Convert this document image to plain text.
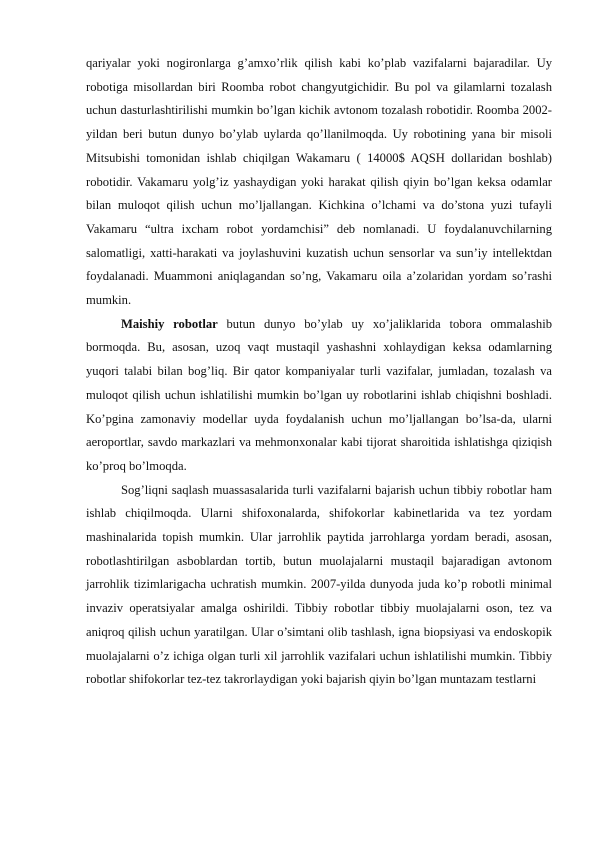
qariyalar yoki nogironlarga g’amxo’rlik qilish kabi ko’plab vazifalarni bajaradilar. Uy robotiga misollardan biri Roomba robot changyutgichidir. Bu pol va gilamlarni tozalash uchun dasturlashtirilishi mumkin bo’lgan kichik avtonom tozalash robotidir. Roomba 2002-yildan beri butun dunyo bo’ylab uylarda qo’llanilmoqda. Uy robotining yana bir misoli Mitsubishi tomonidan ishlab chiqilgan Wakamaru ( 14000$ AQSH dollaridan boshlab) robotidir. Vakamaru yolg’iz yashaydigan yoki harakat qilish qiyin bo’lgan keksa odamlar bilan muloqot qilish uchun mo’ljallangan. Kichkina o’lchami va do’stona yuzi tufayli Vakamaru “ultra ixcham robot yordamchisi” deb nomlanadi. U foydalanuvchilarning salomatligi, xatti-harakati va joylashuvini kuzatish uchun sensorlar va sun’iy intellektdan foydalanadi. Muammoni aniqlagandan so’ng, Vakamaru oila a’zolaridan yordam so’rashi mumkin.

Maishiy robotlar butun dunyo bo’ylab uy xo’jaliklarida tobora ommalashib bormoqda. Bu, asosan, uzoq vaqt mustaqil yashashni xohlaydigan keksa odamlarning yuqori talabi bilan bog’liq. Bir qator kompaniyalar turli vazifalar, jumladan, tozalash va muloqot qilish uchun ishlatilishi mumkin bo’lgan uy robotlarini ishlab chiqishni boshladi. Ko’pgina zamonaviy modellar uyda foydalanish uchun mo’ljallangan bo’lsa-da, ularni aeroportlar, savdo markazlari va mehmonxonalar kabi tijorat sharoitida ishlatishga qiziqish ko’proq bo’lmoqda.

Sog’liqni saqlash muassasalarida turli vazifalarni bajarish uchun tibbiy robotlar ham ishlab chiqilmoqda. Ularni shifoxonalarda, shifokorlar kabinetlarida va tez yordam mashinalarida topish mumkin. Ular jarrohlik paytida jarrohlarga yordam beradi, asosan, robotlashtirilgan asboblardan tortib, butun muolajalarni mustaqil bajaradigan avtonom jarrohlik tizimlarigacha uchratish mumkin. 2007-yilda dunyoda juda ko’p robotli minimal invaziv operatsiyalar amalga oshirildi. Tibbiy robotlar tibbiy muolajalarni oson, tez va aniqroq qilish uchun yaratilgan. Ular o’simtani olib tashlash, igna biopsiyasi va endoskopik muolajalarni o’z ichiga olgan turli xil jarrohlik vazifalari uchun ishlatilishi mumkin. Tibbiy robotlar shifokorlar tez-tez takrorlaydigan yoki bajarish qiyin bo’lgan muntazam testlarni
